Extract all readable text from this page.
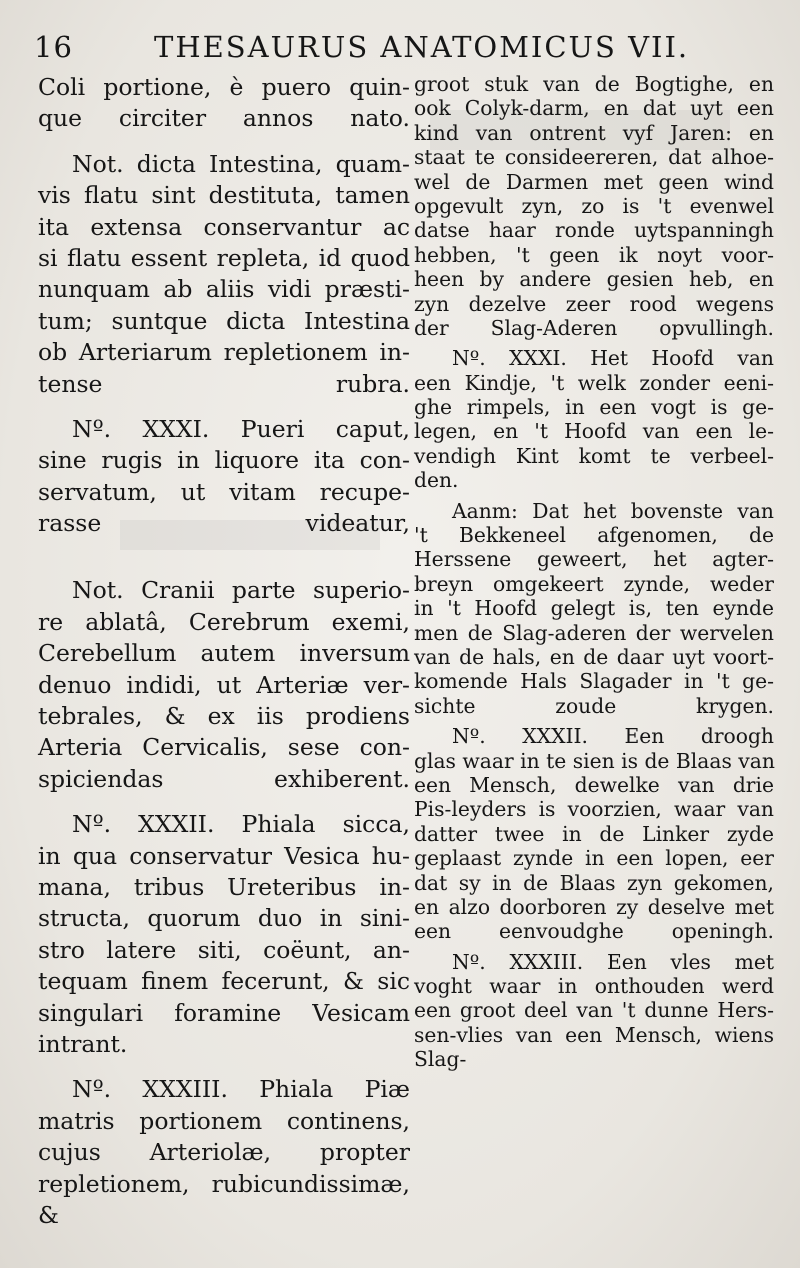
16	THESAURUS ANATOMICUS VII.
Coli portione, è puero quin-
que circiter annos nato.
Not. dicta Intestina, quam-
vis flatu sint destituta, tamen
ita extensa conservantur ac
si flatu essent repleta, id quod
nunquam ab aliis vidi præsti-
tum; suntque dicta Intestina
ob Arteriarum repletionem in-
tense rubra.
Nº. XXXI. Pueri caput,
sine rugis in liquore ita con-
servatum, ut vitam recupe-
rasse videatur,
Not. Cranii parte superio-
re ablatâ, Cerebrum exemi,
Cerebellum autem inversum
denuo indidi, ut Arteriæ ver-
tebrales, & ex iis prodiens
Arteria Cervicalis, sese con-
spiciendas exhiberent.
Nº. XXXII. Phiala sicca,
in qua conservatur Vesica hu-
mana, tribus Ureteribus in-
structa, quorum duo in sini-
stro latere siti, coëunt, an-
tequam finem fecerunt, & sic
singulari foramine Vesicam
intrant.
Nº. XXXIII. Phiala Piæ
matris portionem continens,
cujus Arteriolæ, propter
repletionem, rubicundissimæ,
&
groot stuk van de Bogtighe, en
ook Colyk-darm, en dat uyt een
kind van ontrent vyf Jaren: en
staat te consideereren, dat alhoe-
wel de Darmen met geen wind
opgevult zyn, zo is 't evenwel
datse haar ronde uytspanningh
hebben, 't geen ik noyt voor-
heen by andere gesien heb, en
zyn dezelve zeer rood wegens
der Slag-Aderen opvullingh.
Nº. XXXI. Het Hoofd van
een Kindje, 't welk zonder eeni-
ghe rimpels, in een vogt is ge-
legen, en 't Hoofd van een le-
vendigh Kint komt te verbeel-
den.
Aanm: Dat het bovenste van
't Bekkeneel afgenomen, de
Herssene geweert, het agter-
breyn omgekeert zynde, weder
in 't Hoofd gelegt is, ten eynde
men de Slag-aderen der wervelen
van de hals, en de daar uyt voort-
komende Hals Slagader in 't ge-
sichte zoude krygen.
Nº. XXXII. Een droogh
glas waar in te sien is de Blaas van
een Mensch, dewelke van drie
Pis-leyders is voorzien, waar van
datter twee in de Linker zyde
geplaast zynde in een lopen, eer
dat sy in de Blaas zyn gekomen,
en alzo doorboren zy deselve met
een eenvoudghe openingh.
Nº. XXXIII. Een vles met
voght waar in onthouden werd
een groot deel van 't dunne Hers-
sen-vlies van een Mensch, wiens
Slag-
